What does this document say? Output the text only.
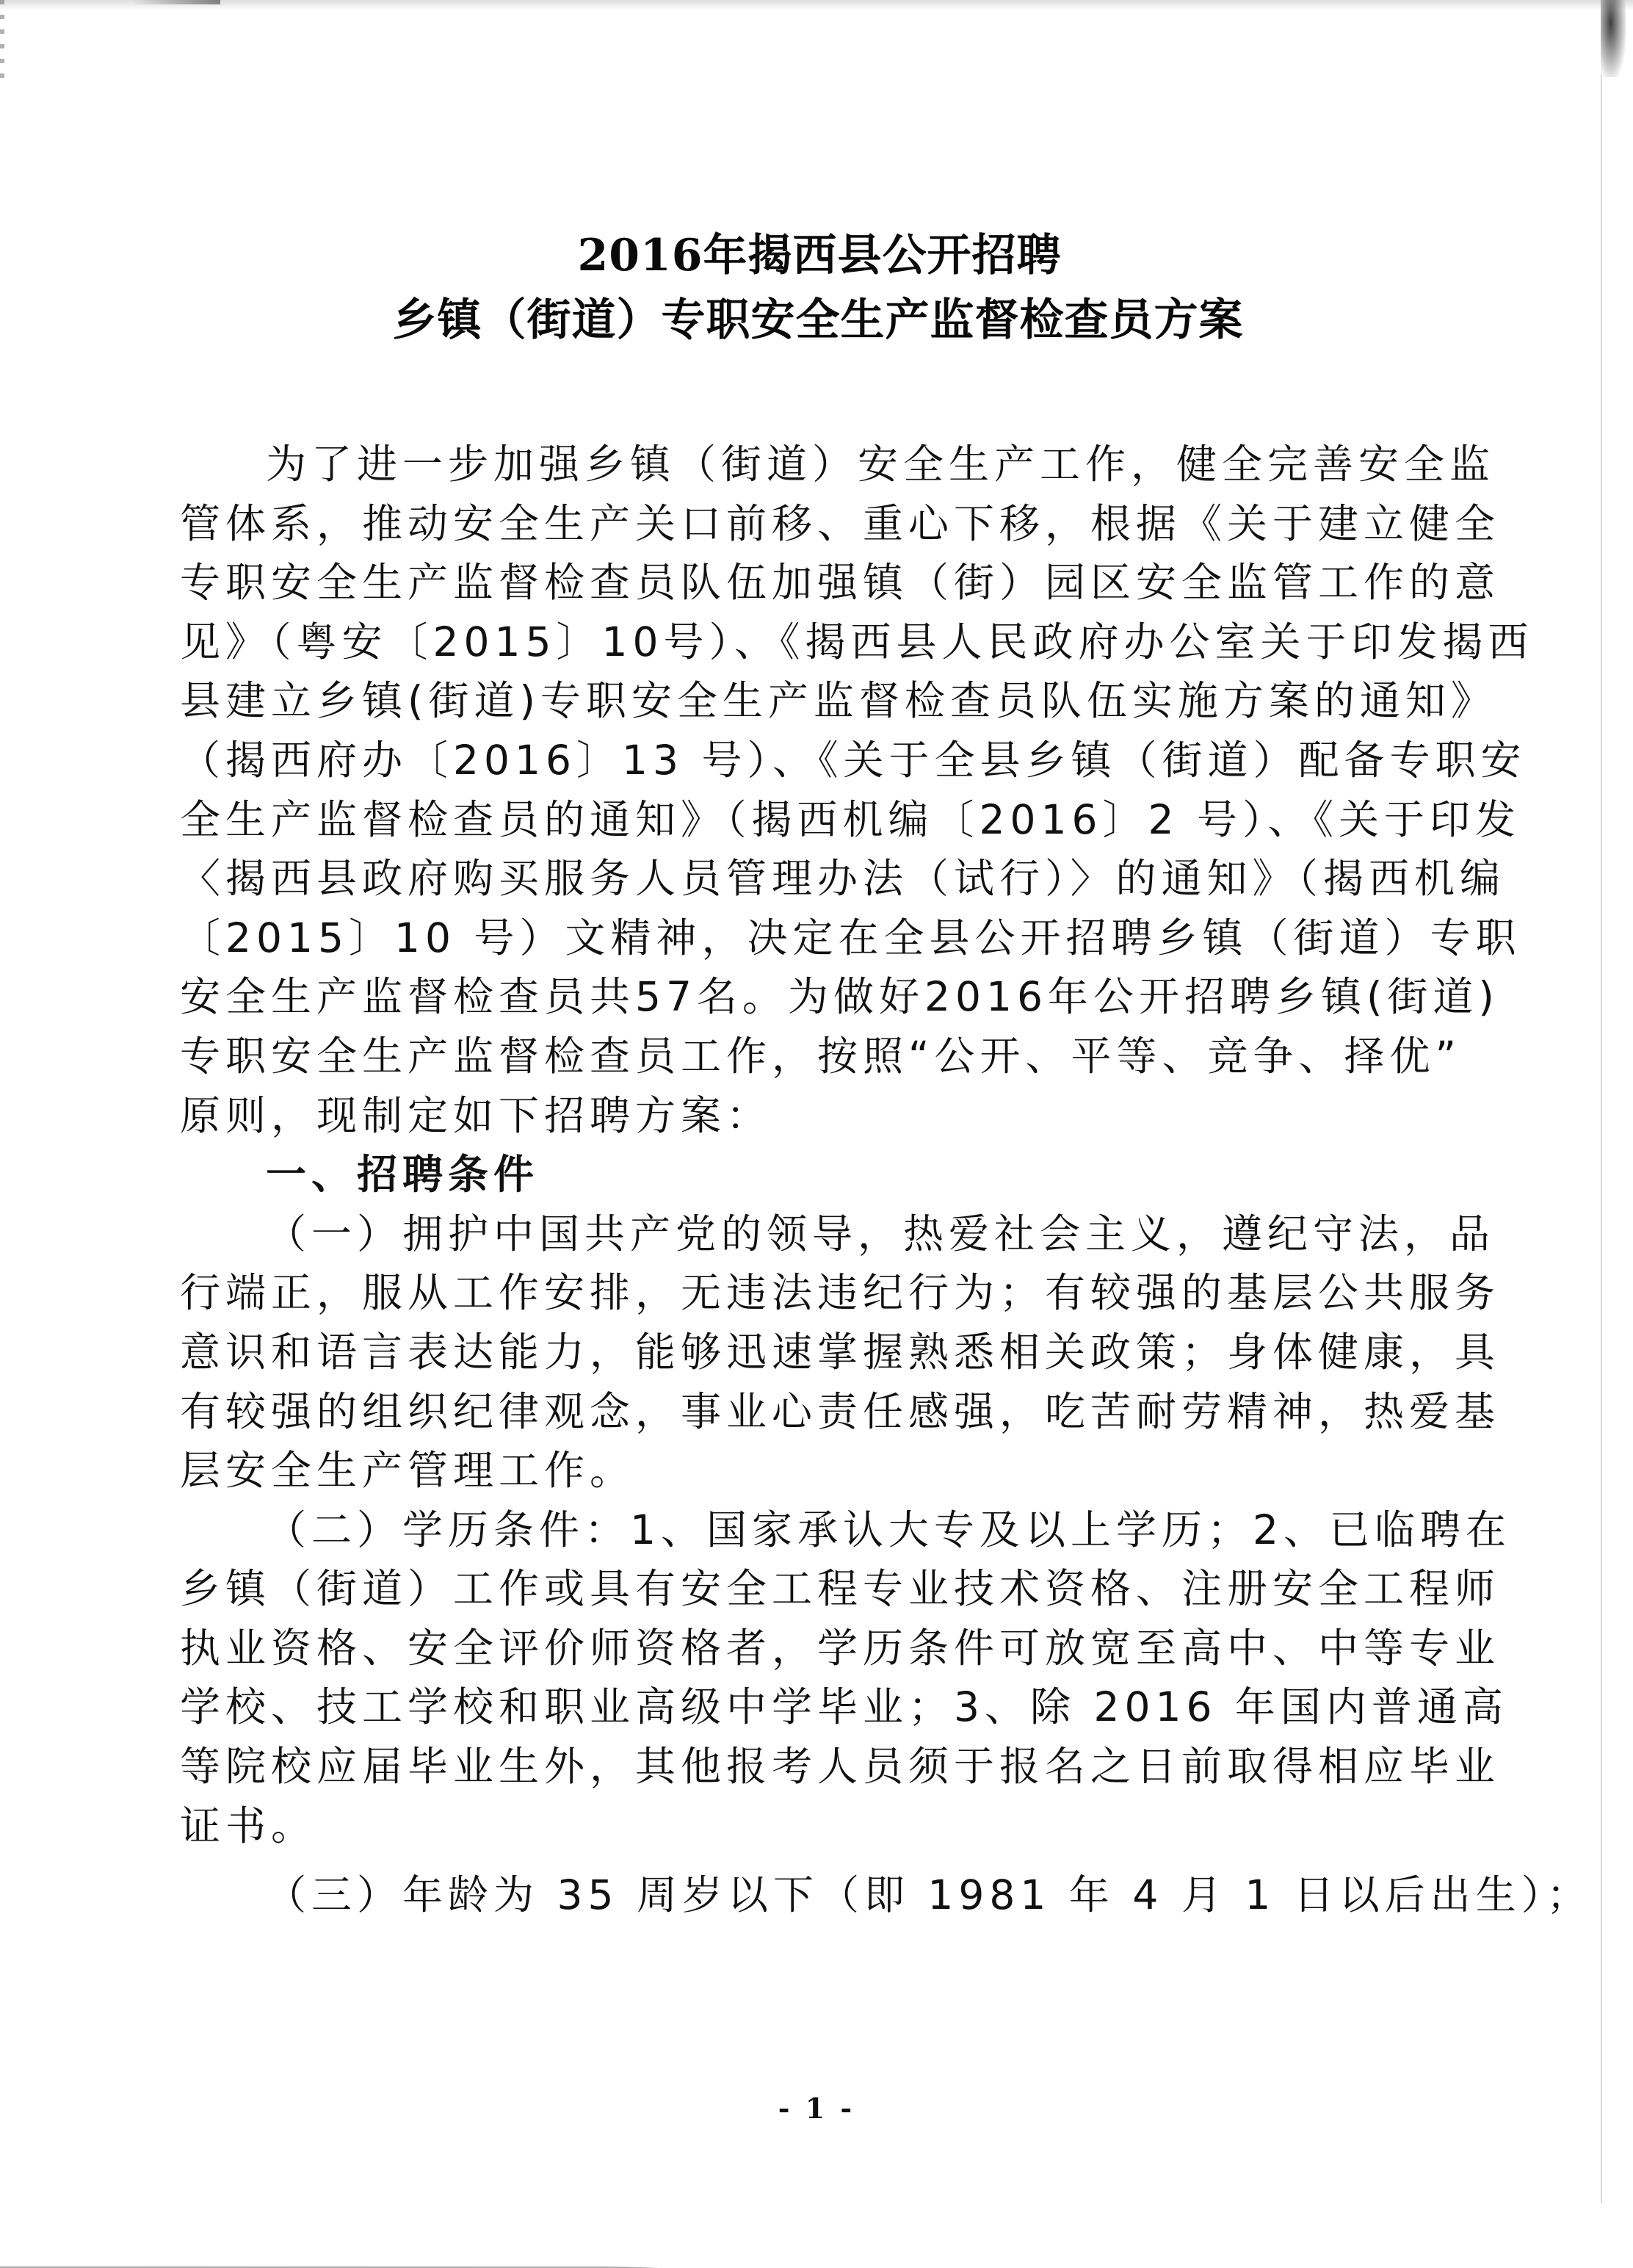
2016年揭西县公开招聘
乡镇（街道）专职安全生产监督检查员方案
为了进一步加强乡镇（街道）安全生产工作，健全完善安全监
管体系，推动安全生产关口前移、重心下移，根据《关于建立健全
专职安全生产监督检查员队伍加强镇（街）园区安全监管工作的意
见》（粤安〔2015〕10号）、《揭西县人民政府办公室关于印发揭西
县建立乡镇(街道)专职安全生产监督检查员队伍实施方案的通知》
（揭西府办〔2016〕13 号）、《关于全县乡镇（街道）配备专职安
全生产监督检查员的通知》（揭西机编〔2016〕2 号）、《关于印发
〈揭西县政府购买服务人员管理办法（试行）〉的通知》（揭西机编
〔2015〕10 号）文精神，决定在全县公开招聘乡镇（街道）专职
安全生产监督检查员共57名。为做好2016年公开招聘乡镇(街道)
专职安全生产监督检查员工作，按照“公开、平等、竞争、择优”
原则，现制定如下招聘方案：
一、招聘条件
（一）拥护中国共产党的领导，热爱社会主义，遵纪守法，品
行端正，服从工作安排，无违法违纪行为；有较强的基层公共服务
意识和语言表达能力，能够迅速掌握熟悉相关政策；身体健康，具
有较强的组织纪律观念，事业心责任感强，吃苦耐劳精神，热爱基
层安全生产管理工作。
（二）学历条件：1、国家承认大专及以上学历；2、已临聘在
乡镇（街道）工作或具有安全工程专业技术资格、注册安全工程师
执业资格、安全评价师资格者，学历条件可放宽至高中、中等专业
学校、技工学校和职业高级中学毕业；3、除 2016 年国内普通高
等院校应届毕业生外，其他报考人员须于报名之日前取得相应毕业
证书。
（三）年龄为 35 周岁以下（即 1981 年 4 月 1 日以后出生）；
- 1 -
